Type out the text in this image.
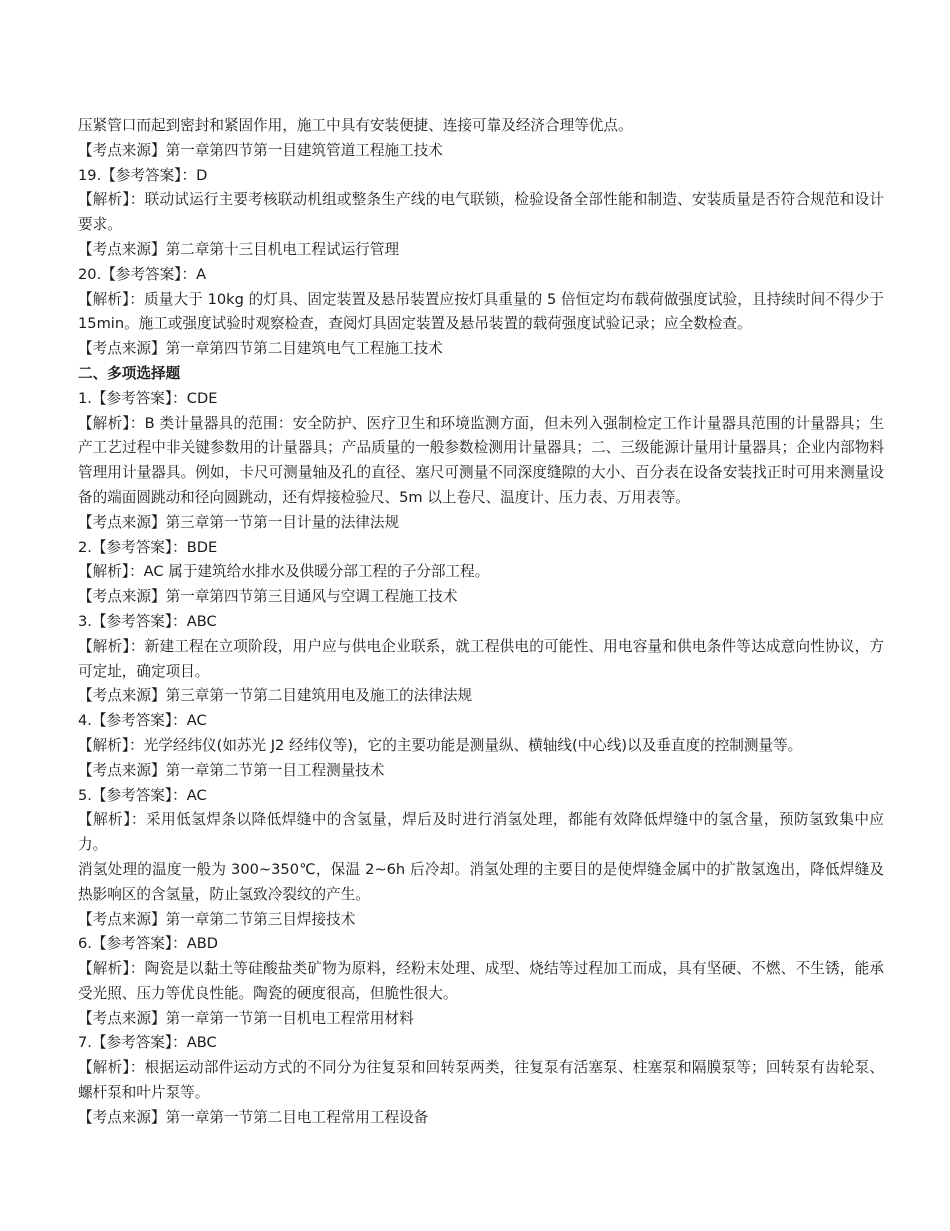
压紧管口而起到密封和紧固作用，施工中具有安装便捷、连接可靠及经济合理等优点。

【考点来源】第一章第四节第一目建筑管道工程施工技术

19.【参考答案】：D

【解析】：联动试运行主要考核联动机组或整条生产线的电气联锁，检验设备全部性能和制造、安装质量是否符合规范和设计要求。

【考点来源】第二章第十三目机电工程试运行管理

20.【参考答案】：A

【解析】：质量大于 10kg 的灯具、固定装置及悬吊装置应按灯具重量的 5 倍恒定均布载荷做强度试验，且持续时间不得少于 15min。施工或强度试验时观察检查，查阅灯具固定装置及悬吊装置的载荷强度试验记录；应全数检查。

【考点来源】第一章第四节第二目建筑电气工程施工技术

二、多项选择题

1.【参考答案】：CDE

【解析】：B 类计量器具的范围：安全防护、医疗卫生和环境监测方面，但未列入强制检定工作计量器具范围的计量器具；生产工艺过程中非关键参数用的计量器具；产品质量的一般参数检测用计量器具；二、三级能源计量用计量器具；企业内部物料管理用计量器具。例如，卡尺可测量轴及孔的直径、塞尺可测量不同深度缝隙的大小、百分表在设备安装找正时可用来测量设备的端面圆跳动和径向圆跳动，还有焊接检验尺、5m 以上卷尺、温度计、压力表、万用表等。

【考点来源】第三章第一节第一目计量的法律法规

2.【参考答案】：BDE

【解析】：AC 属于建筑给水排水及供暖分部工程的子分部工程。

【考点来源】第一章第四节第三目通风与空调工程施工技术

3.【参考答案】：ABC

【解析】：新建工程在立项阶段，用户应与供电企业联系，就工程供电的可能性、用电容量和供电条件等达成意向性协议，方可定址，确定项目。

【考点来源】第三章第一节第二目建筑用电及施工的法律法规

4.【参考答案】：AC

【解析】：光学经纬仪(如苏光 J2 经纬仪等)，它的主要功能是测量纵、横轴线(中心线)以及垂直度的控制测量等。

【考点来源】第一章第二节第一目工程测量技术

5.【参考答案】：AC

【解析】：采用低氢焊条以降低焊缝中的含氢量，焊后及时进行消氢处理，都能有效降低焊缝中的氢含量，预防氢致集中应力。

消氢处理的温度一般为 300~350℃，保温 2~6h 后冷却。消氢处理的主要目的是使焊缝金属中的扩散氢逸出，降低焊缝及热影响区的含氢量，防止氢致冷裂纹的产生。

【考点来源】第一章第二节第三目焊接技术

6.【参考答案】：ABD

【解析】：陶瓷是以黏土等硅酸盐类矿物为原料，经粉末处理、成型、烧结等过程加工而成，具有坚硬、不燃、不生锈，能承受光照、压力等优良性能。陶瓷的硬度很高，但脆性很大。

【考点来源】第一章第一节第一目机电工程常用材料

7.【参考答案】：ABC

【解析】：根据运动部件运动方式的不同分为往复泵和回转泵两类，往复泵有活塞泵、柱塞泵和隔膜泵等；回转泵有齿轮泵、螺杆泵和叶片泵等。

【考点来源】第一章第一节第二目电工程常用工程设备
